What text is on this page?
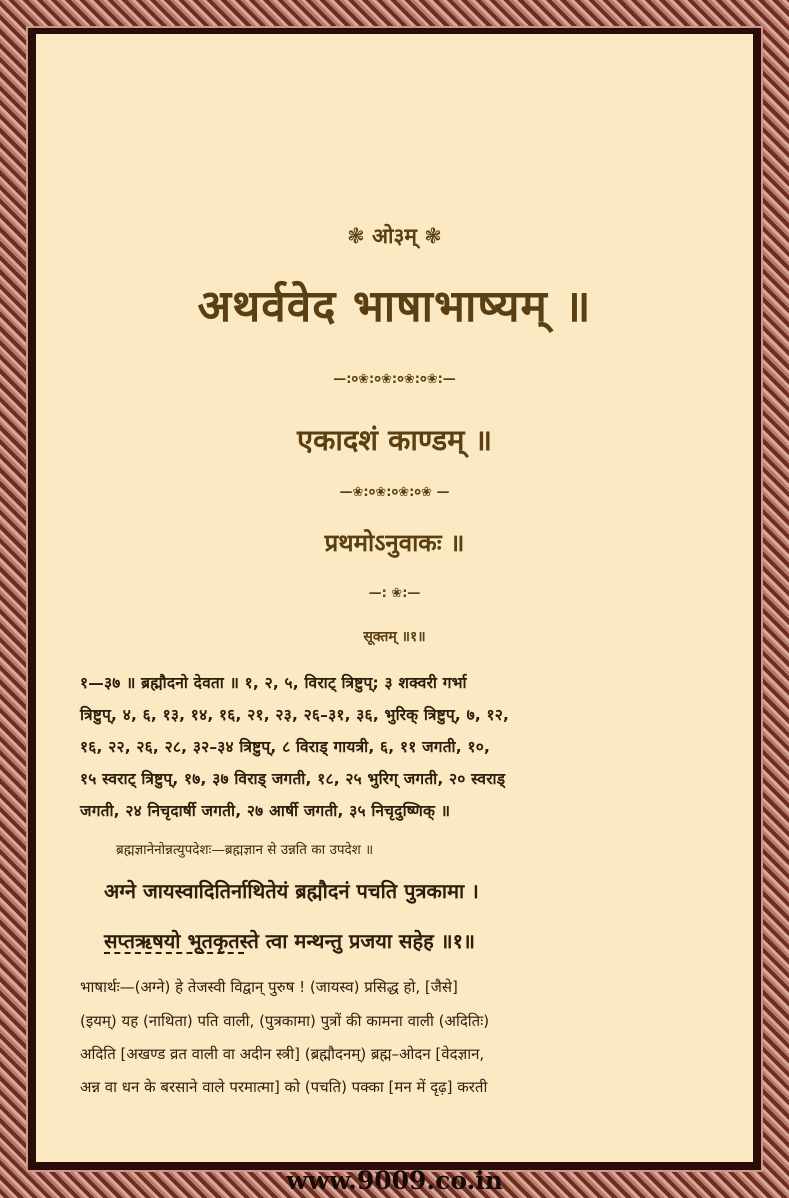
❃ ओ३म् ❃
अथर्ववेद भाषाभाष्यम् ॥
—:०❀:०❀:०❀:०❀:—
एकादशं काण्डम् ॥
—❀:०❀:०❀:०❀ —
प्रथमोऽनुवाकः ॥
—: ❀:—
सूक्तम् ॥१॥
१—३७ ॥ ब्रह्मौदनो देवता ॥ १, २, ५, विराट् त्रिष्टुप्; ३ शक्वरी गर्भा
त्रिष्टुप्, ४, ६, १३, १४, १६, २१, २३, २६–३१, ३६, भुरिक् त्रिष्टुप्, ७, १२,
१६, २२, २६, २८, ३२–३४ त्रिष्टुप्, ८ विराड् गायत्री, ६, ११ जगती, १०,
१५ स्वराट् त्रिष्टुप्, १७, ३७ विराड् जगती, १८, २५ भुरिग् जगती, २० स्वराड्
जगती, २४ निचृदार्षी जगती, २७ आर्षी जगती, ३५ निचृदुष्णिक् ॥
ब्रह्मज्ञानेनोन्नत्युपदेशः—ब्रह्मज्ञान से उन्नति का उपदेश ॥
अग्ने जायस्वादितिर्नाथितेयं ब्रह्मौदनं पचति पुत्रकामा ।
सप्तऋषयो भूतकृतस्ते त्वा मन्थन्तु प्रजया सहेह ॥१॥
भाषार्थः—(अग्ने) हे तेजस्वी विद्वान् पुरुष ! (जायस्व) प्रसिद्ध हो, [जैसे]
(इयम्) यह (नाथिता) पति वाली, (पुत्रकामा) पुत्रों की कामना वाली (अदितिः)
अदिति [अखण्ड व्रत वाली वा अदीन स्त्री] (ब्रह्मौदनम्) ब्रह्म–ओदन [वेदज्ञान,
अन्न वा धन के बरसाने वाले परमात्मा] को (पचति) पक्का [मन में दृढ़] करती
www.9009.co.in
